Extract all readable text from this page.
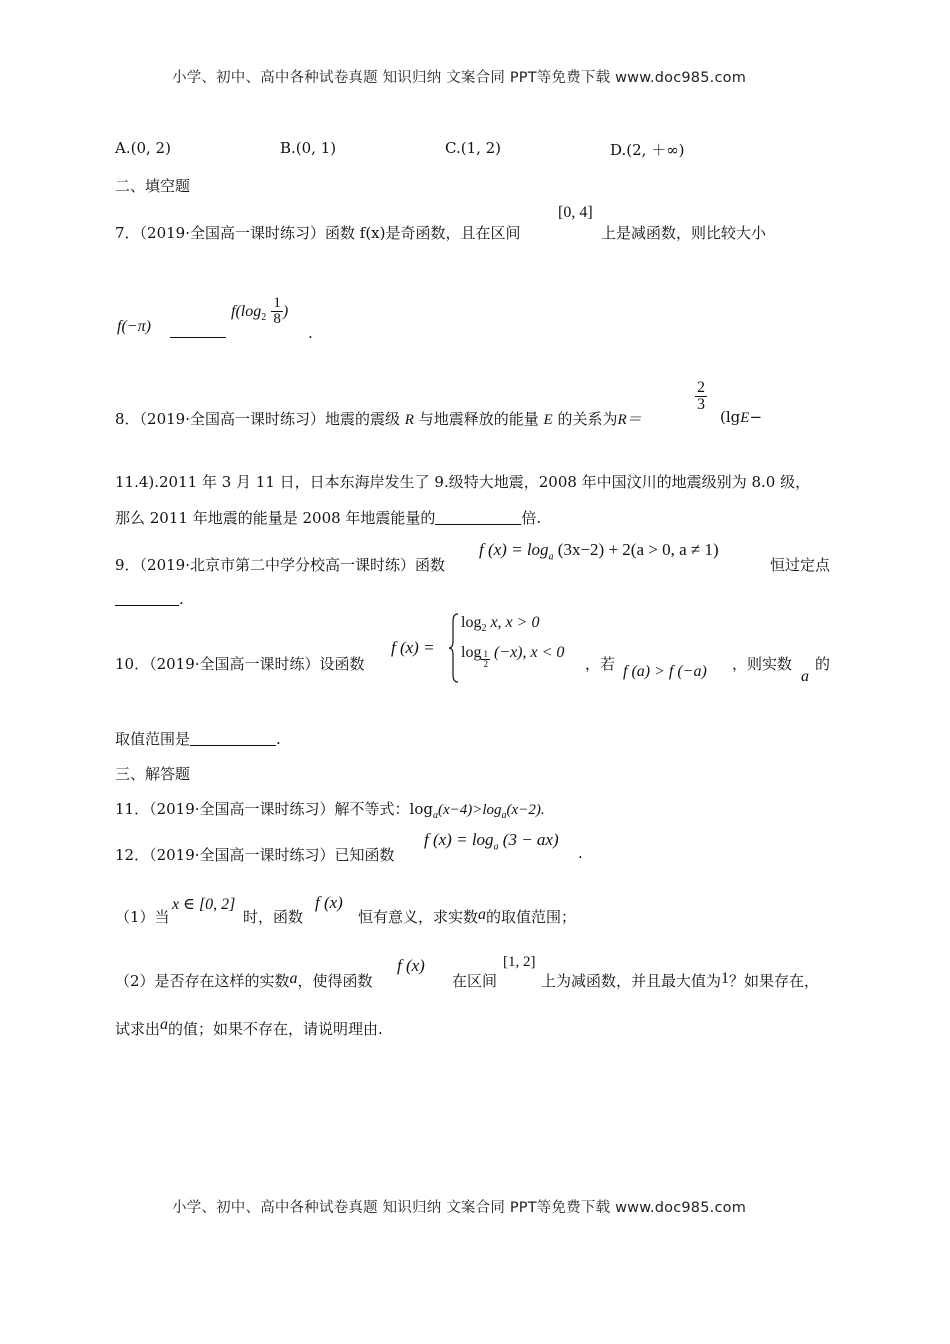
小学、初中、高中各种试卷真题 知识归纳 文案合同 PPT等免费下载 www.doc985.com
A.(0, 2)	B.(0, 1)	C.(1, 2)	D.(2, ＋∞)
二、填空题
7．（2019·全国高一课时练习）函数 f(x)是奇函数，且在区间
[0, 4]
上是减函数，则比较大小
f(−π)
$f(\log_2 \frac{1}{8}$ )
.
8．（2019·全国高一课时练习）地震的震级 R 与地震释放的能量 E 的关系为R＝
$\frac{2}{3}$
(lgE−
11.4).2011 年 3 月 11 日，日本东海岸发生了 9.级特大地震，2008 年中国汶川的地震级别为 8.0 级，
那么 2011 年地震的能量是 2008 年地震能量的	倍.
9．（2019·北京市第二中学分校高一课时练）函数
f $(x) = \log_a (3x-2) + 2(a > 0$, a ≠ 1)
恒过定点
.
10．（2019·全国高一课时练）设函数
f (x) =
$\log_2 x$, x > 0
$\log \frac{1}{2} (-x)$, x < 0
，若 f (a) > f (−a) ，则实数
a
的
取值范围是	.
三、解答题
11．（2019·全国高一课时练习）解不等式：$\log_a(x-4)>\log_a(x-2)$.
12．（2019·全国高一课时练习）已知函数
f $(x) = \log_a (3 - ax)$
.
（1）当
x ∈ [0, 2]
时，函数
f (x)
恒有意义，求实数a的取值范围；
（2）是否存在这样的实数a，使得函数
f (x)
在区间
[1, 2]
上为减函数，并且最大值为1？如果存在，
试求出a的值；如果不存在，请说明理由.
小学、初中、高中各种试卷真题 知识归纳 文案合同 PPT等免费下载 www.doc985.com
